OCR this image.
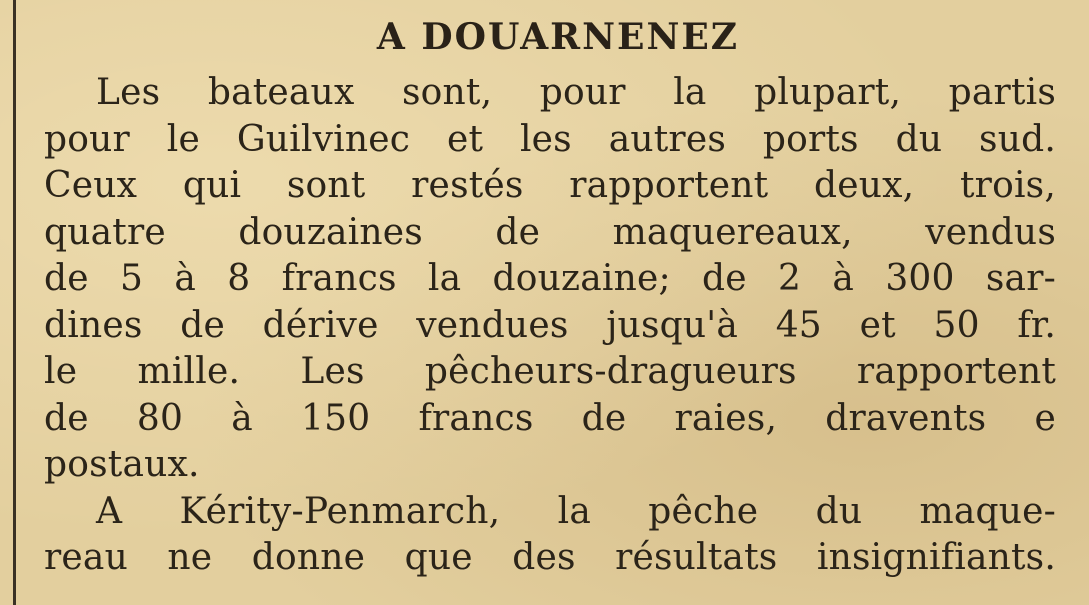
A DOUARNENEZ
Les bateaux sont, pour la plupart, partis
pour le Guilvinec et les autres ports du sud.
Ceux qui sont restés rapportent deux, trois,
quatre douzaines de maquereaux, vendus
de 5 à 8 francs la douzaine; de 2 à 300 sar-
dines de dérive vendues jusqu'à 45 et 50 fr.
le mille. Les pêcheurs-dragueurs rapportent
de 80 à 150 francs de raies, dravents e
postaux.
A Kérity-Penmarch, la pêche du maque-
reau ne donne que des résultats insignifiants.
